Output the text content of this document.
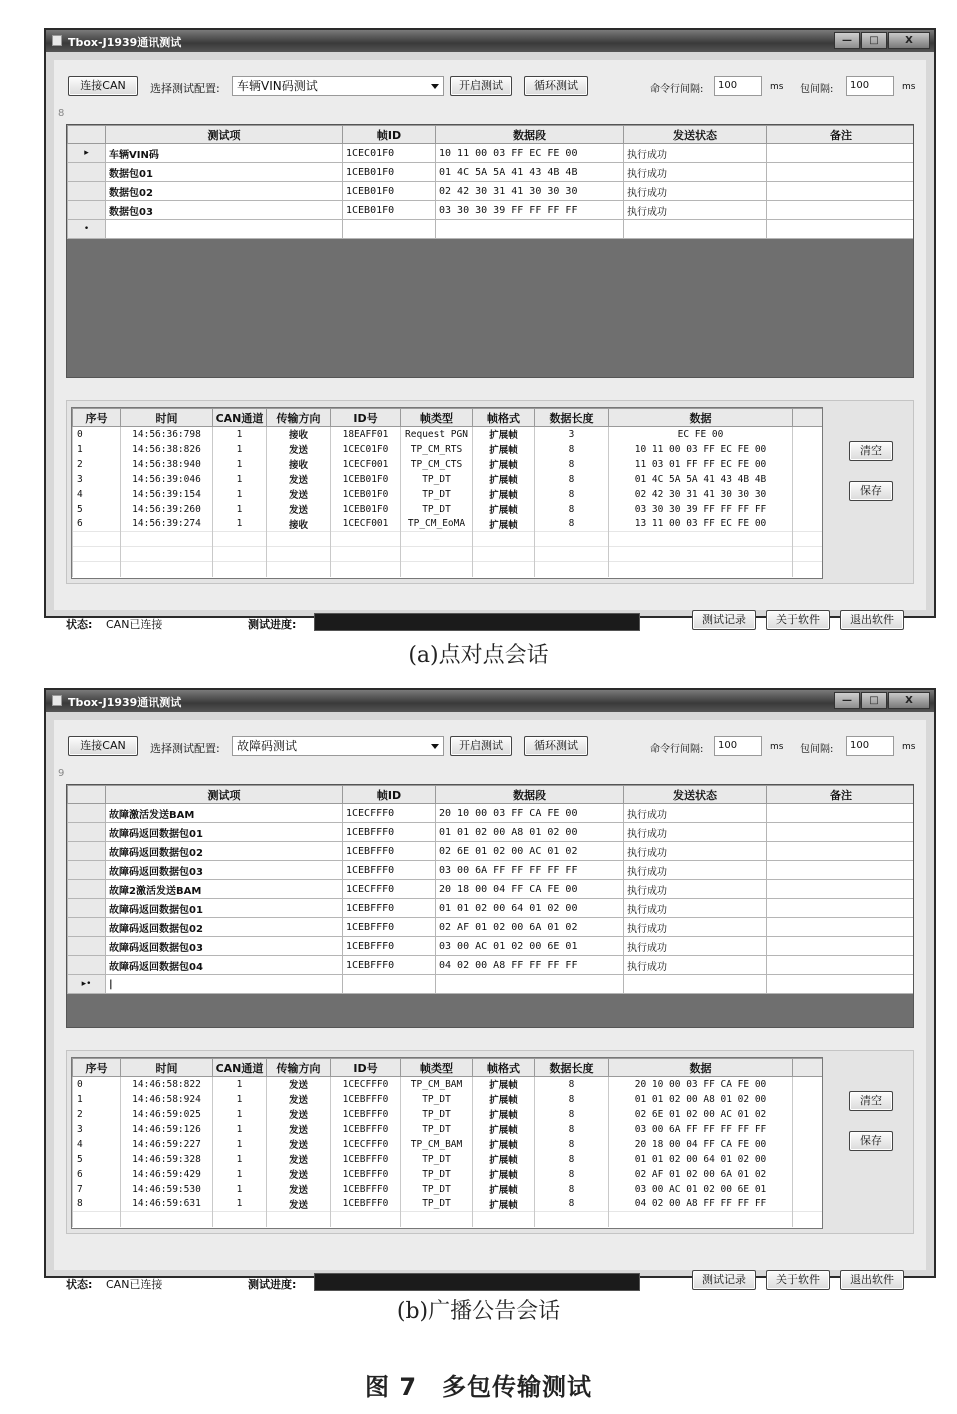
Tbox-J1939通讯测试	—	□	X
连接CAN	选择测试配置:	车辆VIN码测试	开启测试	循环测试	命令行间隔:	100	ms 包间隔:	100	ms
8
	测试项	帧ID	数据段	发送状态	备注
▸	车辆VIN码	1CEC01F0	10 11 00 03 FF EC FE 00	执行成功	
	数据包01	1CEB01F0	01 4C 5A 5A 41 43 4B 4B	执行成功	
	数据包02	1CEB01F0	02 42 30 31 41 30 30 30	执行成功	
	数据包03	1CEB01F0	03 30 30 39 FF FF FF FF	执行成功	
•					
序号	时间	CAN通道	传输方向	ID号	帧类型	帧格式	数据长度	数据	
0	14:56:36:798	1	接收	18EAFF01	Request PGN	扩展帧	3	EC FE 00	
1	14:56:38:826	1	发送	1CEC01F0	TP_CM_RTS	扩展帧	8	10 11 00 03 FF EC FE 00	
2	14:56:38:940	1	接收	1CECF001	TP_CM_CTS	扩展帧	8	11 03 01 FF FF EC FE 00	
3	14:56:39:046	1	发送	1CEB01F0	TP_DT	扩展帧	8	01 4C 5A 5A 41 43 4B 4B	
4	14:56:39:154	1	发送	1CEB01F0	TP_DT	扩展帧	8	02 42 30 31 41 30 30 30	
5	14:56:39:260	1	发送	1CEB01F0	TP_DT	扩展帧	8	03 30 30 39 FF FF FF FF	
6	14:56:39:274	1	接收	1CECF001	TP_CM_EoMA	扩展帧	8	13 11 00 03 FF EC FE 00	

清空
保存
状态: CAN已连接	测试进度:	测试记录	关于软件	退出软件
(a)点对点会话
Tbox-J1939通讯测试	—	□	X
连接CAN	选择测试配置:	故障码测试	开启测试	循环测试	命令行间隔:	100	ms 包间隔:	100	ms
9
	测试项	帧ID	数据段	发送状态	备注
	故障激活发送BAM	1CECFFF0	20 10 00 03 FF CA FE 00	执行成功	
	故障码返回数据包01	1CEBFFF0	01 01 02 00 A8 01 02 00	执行成功	
	故障码返回数据包02	1CEBFFF0	02 6E 01 02 00 AC 01 02	执行成功	
	故障码返回数据包03	1CEBFFF0	03 00 6A FF FF FF FF FF	执行成功	
	故障2激活发送BAM	1CECFFF0	20 18 00 04 FF CA FE 00	执行成功	
	故障码返回数据包01	1CEBFFF0	01 01 02 00 64 01 02 00	执行成功	
	故障码返回数据包02	1CEBFFF0	02 AF 01 02 00 6A 01 02	执行成功	
	故障码返回数据包03	1CEBFFF0	03 00 AC 01 02 00 6E 01	执行成功	
	故障码返回数据包04	1CEBFFF0	04 02 00 A8 FF FF FF FF	执行成功	
▸•	|				
序号	时间	CAN通道	传输方向	ID号	帧类型	帧格式	数据长度	数据	
0	14:46:58:822	1	发送	1CECFFF0	TP_CM_BAM	扩展帧	8	20 10 00 03 FF CA FE 00	
1	14:46:58:924	1	发送	1CEBFFF0	TP_DT	扩展帧	8	01 01 02 00 A8 01 02 00	
2	14:46:59:025	1	发送	1CEBFFF0	TP_DT	扩展帧	8	02 6E 01 02 00 AC 01 02	
3	14:46:59:126	1	发送	1CEBFFF0	TP_DT	扩展帧	8	03 00 6A FF FF FF FF FF	
4	14:46:59:227	1	发送	1CECFFF0	TP_CM_BAM	扩展帧	8	20 18 00 04 FF CA FE 00	
5	14:46:59:328	1	发送	1CEBFFF0	TP_DT	扩展帧	8	01 01 02 00 64 01 02 00	
6	14:46:59:429	1	发送	1CEBFFF0	TP_DT	扩展帧	8	02 AF 01 02 00 6A 01 02	
7	14:46:59:530	1	发送	1CEBFFF0	TP_DT	扩展帧	8	03 00 AC 01 02 00 6E 01	
8	14:46:59:631	1	发送	1CEBFFF0	TP_DT	扩展帧	8	04 02 00 A8 FF FF FF FF	

清空
保存
状态: CAN已连接	测试进度:	测试记录	关于软件	退出软件
(b)广播公告会话
图 7　多包传输测试
